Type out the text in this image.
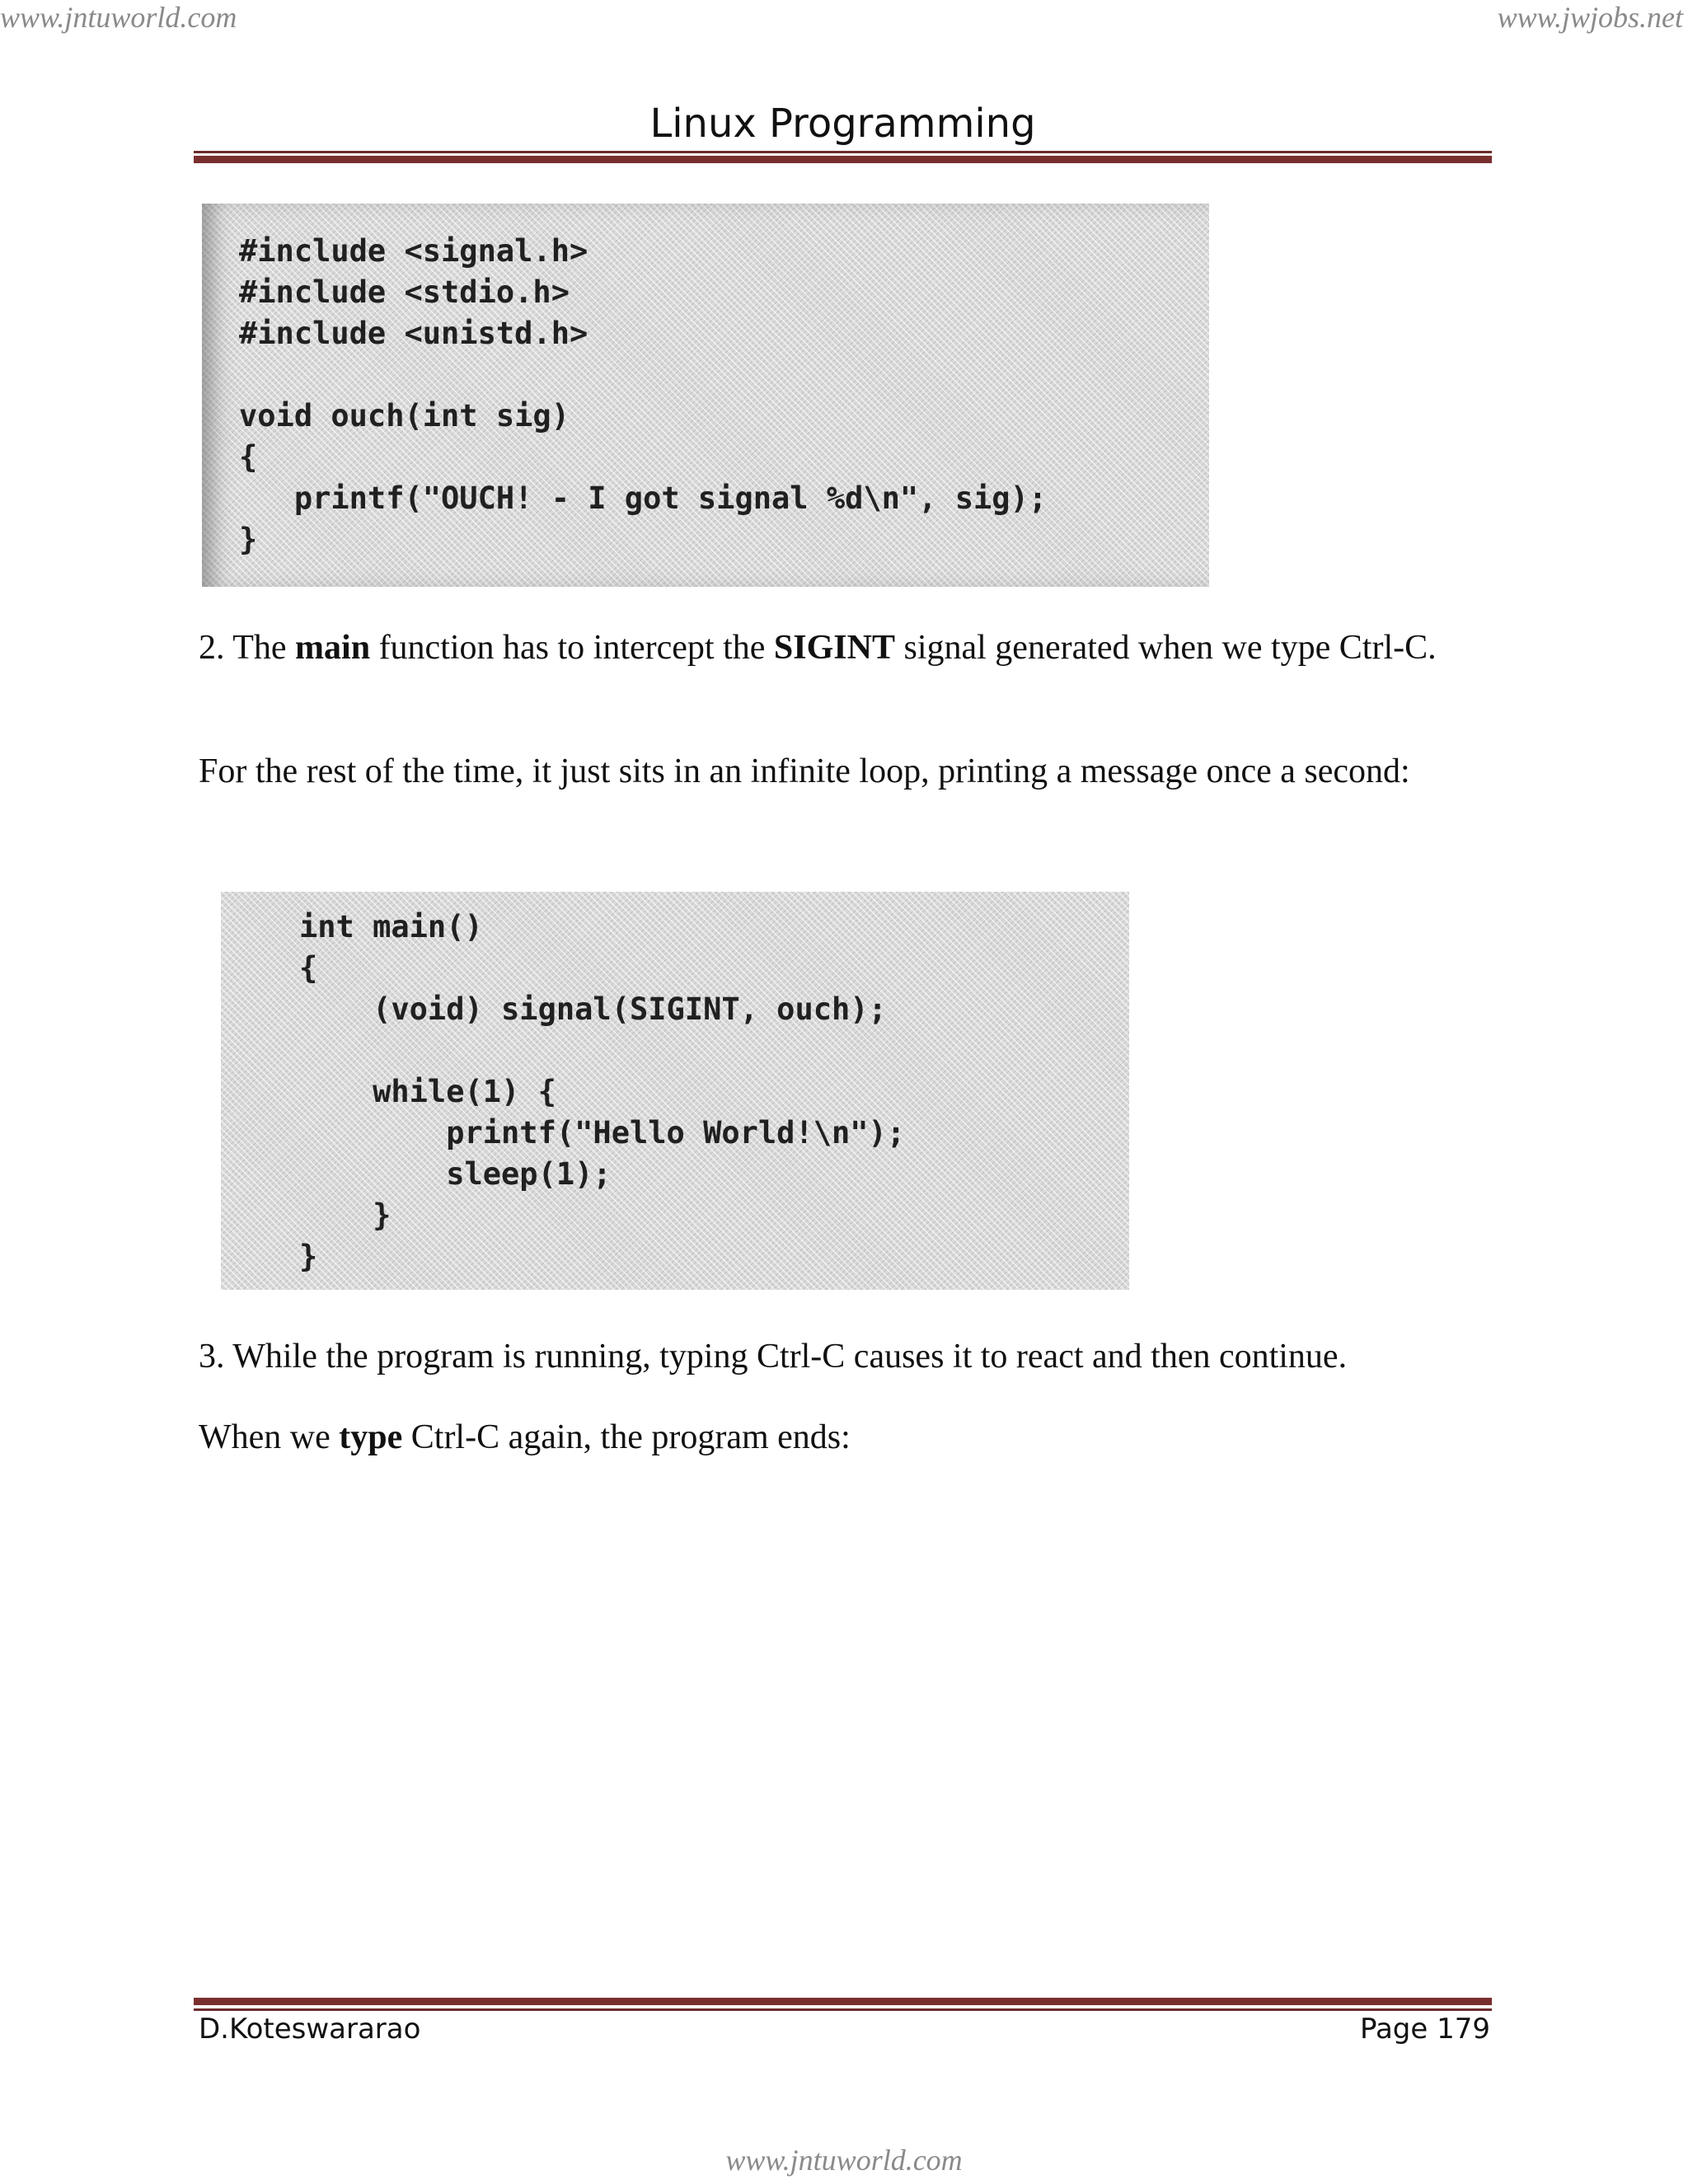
www.jntuworld.com	www.jwjobs.net
Linux Programming
#include <signal.h>
#include <stdio.h>
#include <unistd.h>
void ouch(int sig)
{
printf("OUCH! - I got signal %d\n", sig);
}
2. The main function has to intercept the SIGINT signal generated when we type Ctrl-C.
For the rest of the time, it just sits in an infinite loop, printing a message once a second:
int main()
{
(void) signal(SIGINT, ouch);
while(1) {
printf("Hello World!\n");
sleep(1);
}
}
3. While the program is running, typing Ctrl-C causes it to react and then continue.
When we type Ctrl-C again, the program ends:
D.Koteswararao	Page 179
www.jntuworld.com
